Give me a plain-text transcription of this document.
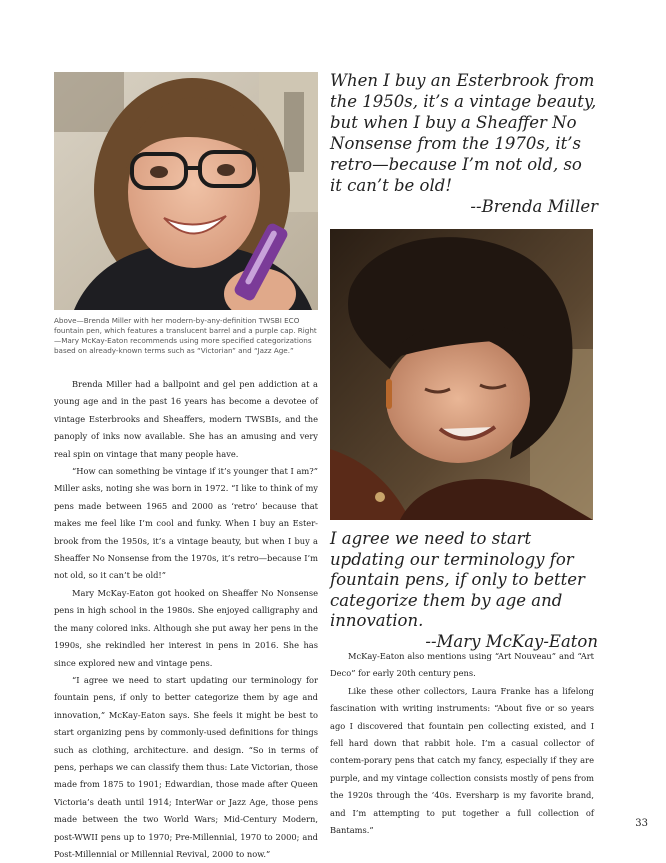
When I buy an Esterbrook from the 1950s, it’s a vintage beauty, but when I buy a Sheaffer No Nonsense from the 1970s, it’s retro—because I’m not old, so it can’t be old!
--Brenda Miller

Above—Brenda Miller with her modern-by-any-definition TWSBI ECO fountain pen, which features a translucent barrel and a purple cap. Right—Mary McKay-Eaton recommends using more specified categorizations based on already-known terms such as “Victorian” and “Jazz Age.”

I agree we need to start updating our terminology for fountain pens, if only to better categorize them by age and innovation.
--Mary McKay-Eaton

Brenda Miller had a ballpoint and gel pen addiction at a young age and in the past 16 years has become a devotee of vintage Esterbrooks and Sheaffers, modern TWSBIs, and the panoply of inks now available. She has an amusing and very real spin on vintage that many people have.

“How can something be vintage if it’s younger that I am?” Miller asks, noting she was born in 1972. “I like to think of my pens made between 1965 and 2000 as ‘retro’ because that makes me feel like I’m cool and funky. When I buy an Ester-brook from the 1950s, it’s a vintage beauty, but when I buy a Sheaffer No Nonsense from the 1970s, it’s retro—because I’m not old, so it can’t be old!”

Mary McKay-Eaton got hooked on Sheaffer No Nonsense pens in high school in the 1980s. She enjoyed calligraphy and the many colored inks. Although she put away her pens in the 1990s, she rekindled her interest in pens in 2016. She has since explored new and vintage pens.

“I agree we need to start updating our terminology for fountain pens, if only to better categorize them by age and innovation,” McKay-Eaton says. She feels it might be best to start organizing pens by commonly-used definitions for things such as clothing, architecture. and design. “So in terms of pens, perhaps we can classify them thus: Late Victorian, those made from 1875 to 1901; Edwardian, those made after Queen Victoria’s death until 1914; InterWar or Jazz Age, those pens made between the two World Wars; Mid-Century Modern, post-WWII pens up to 1970; Pre-Millennial, 1970 to 2000; and Post-Millennial or Millennial Revival, 2000 to now.”

McKay-Eaton also mentions using “Art Nouveau” and “Art Deco” for early 20th century pens.

Like these other collectors, Laura Franke has a lifelong fascination with writing instruments: “About five or so years ago I discovered that fountain pen collecting existed, and I fell hard down that rabbit hole. I’m a casual collector of contem-porary pens that catch my fancy, especially if they are purple, and my vintage collection consists mostly of pens from the 1920s through the ’40s. Eversharp is my favorite brand, and I’m attempting to put together a full collection of Bantams.”

33
